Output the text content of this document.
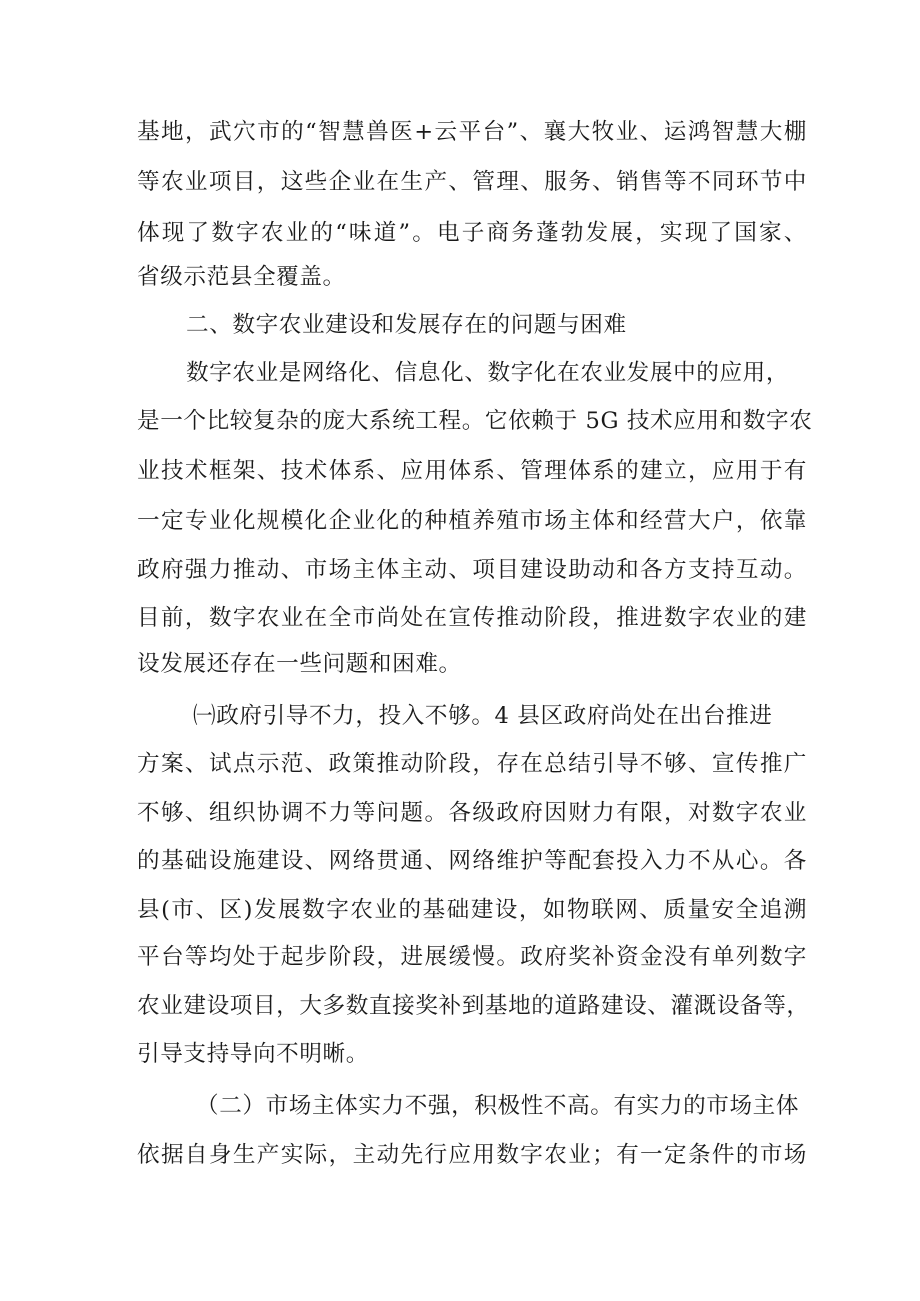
基地，武穴市的“智慧兽医+云平台”、襄大牧业、运鸿智慧大棚
等农业项目，这些企业在生产、管理、服务、销售等不同环节中
体现了数字农业的“味道”。电子商务蓬勃发展，实现了国家、
省级示范县全覆盖。
二、数字农业建设和发展存在的问题与困难
数字农业是网络化、信息化、数字化在农业发展中的应用，
是一个比较复杂的庞大系统工程。它依赖于 5G 技术应用和数字农
业技术框架、技术体系、应用体系、管理体系的建立，应用于有
一定专业化规模化企业化的种植养殖市场主体和经营大户，依靠
政府强力推动、市场主体主动、项目建设助动和各方支持互动。
目前，数字农业在全市尚处在宣传推动阶段，推进数字农业的建
设发展还存在一些问题和困难。
㈠政府引导不力，投入不够。4 县区政府尚处在出台推进
方案、试点示范、政策推动阶段，存在总结引导不够、宣传推广
不够、组织协调不力等问题。各级政府因财力有限，对数字农业
的基础设施建设、网络贯通、网络维护等配套投入力不从心。各
县(市、区)发展数字农业的基础建设，如物联网、质量安全追溯
平台等均处于起步阶段，进展缓慢。政府奖补资金没有单列数字
农业建设项目，大多数直接奖补到基地的道路建设、灌溉设备等，
引导支持导向不明晰。
（二）市场主体实力不强，积极性不高。有实力的市场主体
依据自身生产实际，主动先行应用数字农业；有一定条件的市场
